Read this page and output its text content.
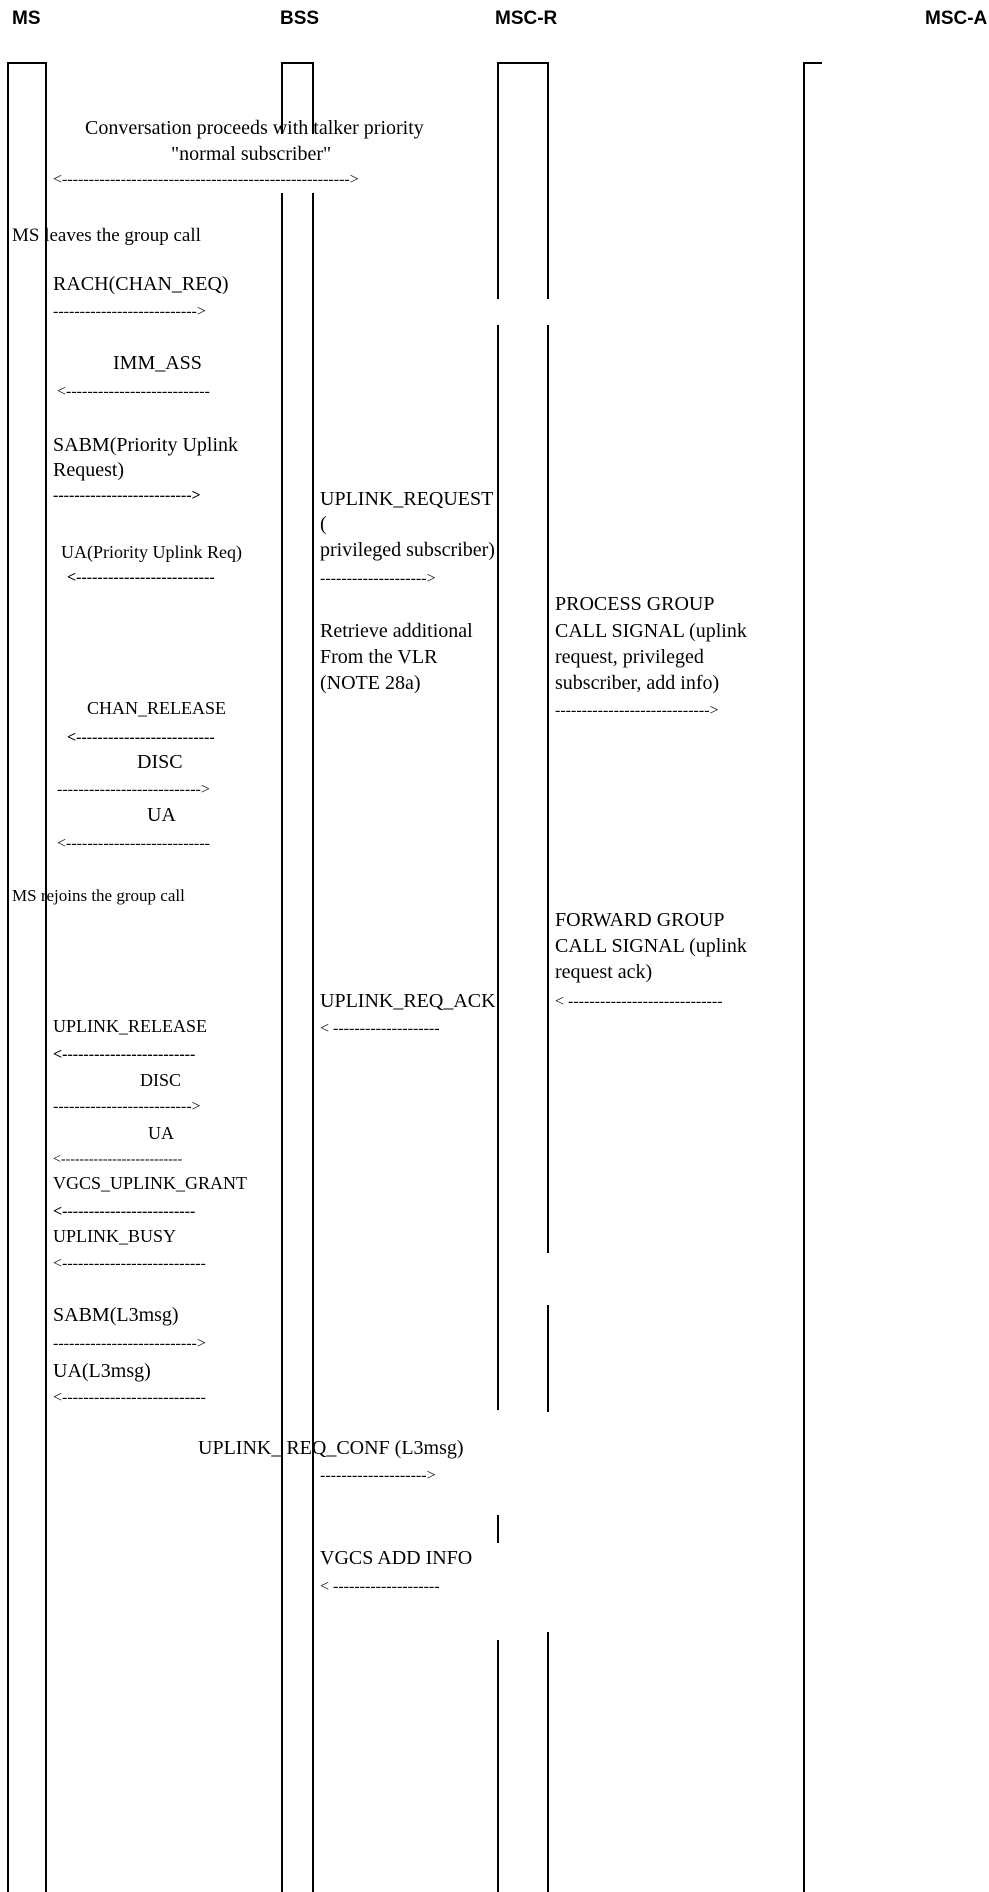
MS	BSS	MSC-R	MSC-A
Conversation proceeds with talker priority
"normal subscriber"
<------------------------------------------------------>
MS leaves the group call
RACH(CHAN_REQ)
--------------------------->
IMM_ASS
<---------------------------
SABM(Priority Uplink
Request)
-------------------------->	UPLINK_REQUEST
(
privileged subscriber)
-------------------->
UA(Priority Uplink Req)
<--------------------------
PROCESS GROUP
CALL SIGNAL (uplink
request, privileged
subscriber, add info)
----------------------------->
Retrieve additional
From the VLR
(NOTE 28a)
CHAN_RELEASE
<--------------------------
DISC
--------------------------->
UA
<---------------------------
MS rejoins the group call
FORWARD GROUP
CALL SIGNAL (uplink
request ack)
< -----------------------------
UPLINK_REQ_ACK
< --------------------
UPLINK_RELEASE
<-------------------------
DISC
-------------------------->
UA
<--------------------------
VGCS_UPLINK_GRANT
<-------------------------
UPLINK_BUSY
<---------------------------
SABM(L3msg)
--------------------------->
UA(L3msg)
<---------------------------
UPLINK_ REQ_CONF (L3msg)
-------------------->
VGCS ADD INFO
< --------------------
